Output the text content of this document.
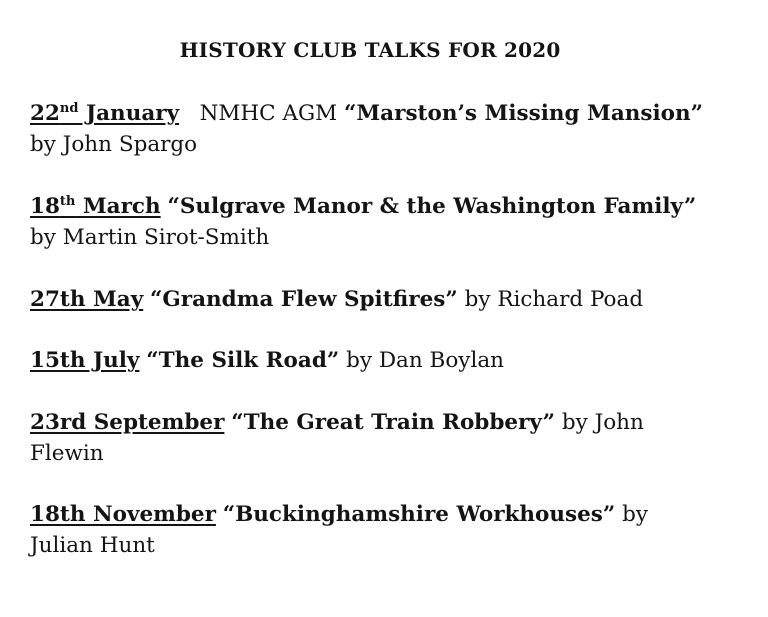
HISTORY CLUB TALKS FOR 2020
22nd January NMHC AGM “Marston’s Missing Mansion”
by John Spargo
18th March “Sulgrave Manor & the Washington Family”
by Martin Sirot-Smith
27th May “Grandma Flew Spitfires” by Richard Poad
15th July “The Silk Road” by Dan Boylan
23rd September “The Great Train Robbery” by John
Flewin
18th November “Buckinghamshire Workhouses” by
Julian Hunt
